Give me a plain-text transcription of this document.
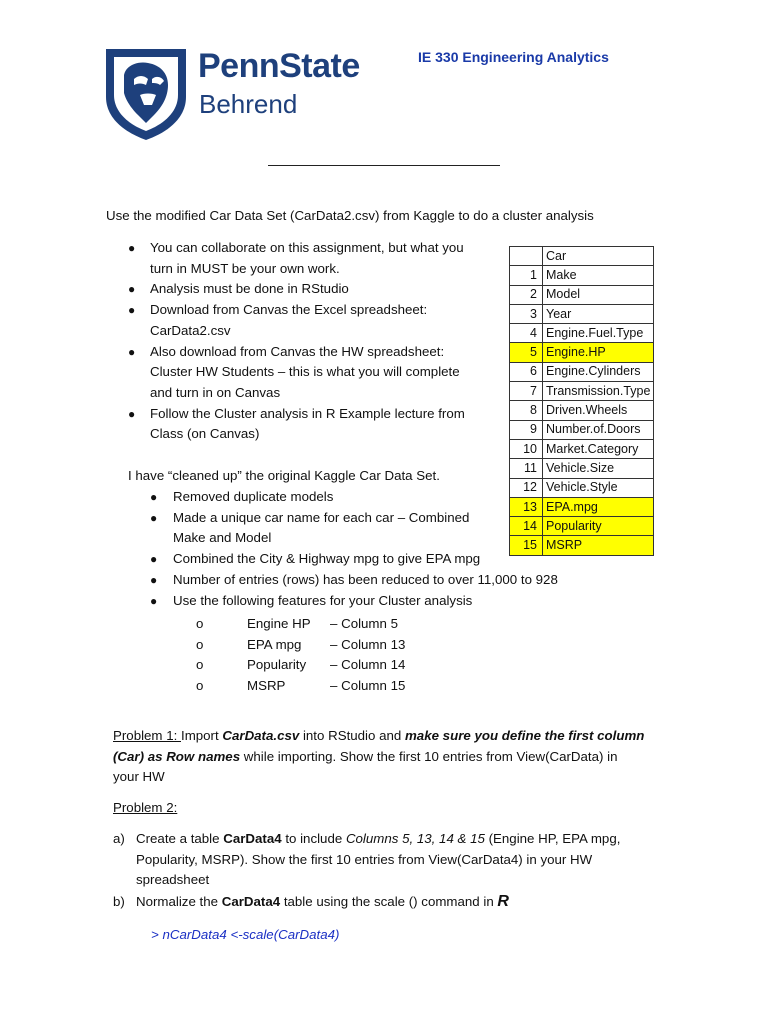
PennState
Behrend
IE 330 Engineering Analytics
Use the modified Car Data Set (CarData2.csv) from Kaggle to do a cluster analysis
● You can collaborate on this assignment, but what you
turn in MUST be your own work.
● Analysis must be done in RStudio
● Download from Canvas the Excel spreadsheet:
CarData2.csv
● Also download from Canvas the HW spreadsheet:
Cluster HW Students – this is what you will complete
and turn in on Canvas
● Follow the Cluster analysis in R Example lecture from
Class (on Canvas)
I have “cleaned up” the original Kaggle Car Data Set.
● Removed duplicate models
● Made a unique car name for each car – Combined
Make and Model
● Combined the City & Highway mpg to give EPA mpg
● Number of entries (rows) has been reduced to over 11,000 to 928
● Use the following features for your Cluster analysis
o	Engine HP – Column 5
o	EPA mpg – Column 13
o	Popularity – Column 14
o	MSRP	– Column 15
	Car
1	Make
2	Model
3	Year
4	Engine.Fuel.Type
5	Engine.HP
6	Engine.Cylinders
7	Transmission.Type
8	Driven.Wheels
9	Number.of.Doors
10	Market.Category
11	Vehicle.Size
12	Vehicle.Style
13	EPA.mpg
14	Popularity
15	MSRP
Problem 1: Import CarData.csv into RStudio and make sure you define the first column
(Car) as Row names while importing. Show the first 10 entries from View(CarData) in
your HW
Problem 2:
a) Create a table CarData4 to include Columns 5, 13, 14 & 15 (Engine HP, EPA mpg,
Popularity, MSRP). Show the first 10 entries from View(CarData4) in your HW
spreadsheet
b) Normalize the CarData4 table using the scale () command in R
> nCarData4 <-scale(CarData4)
